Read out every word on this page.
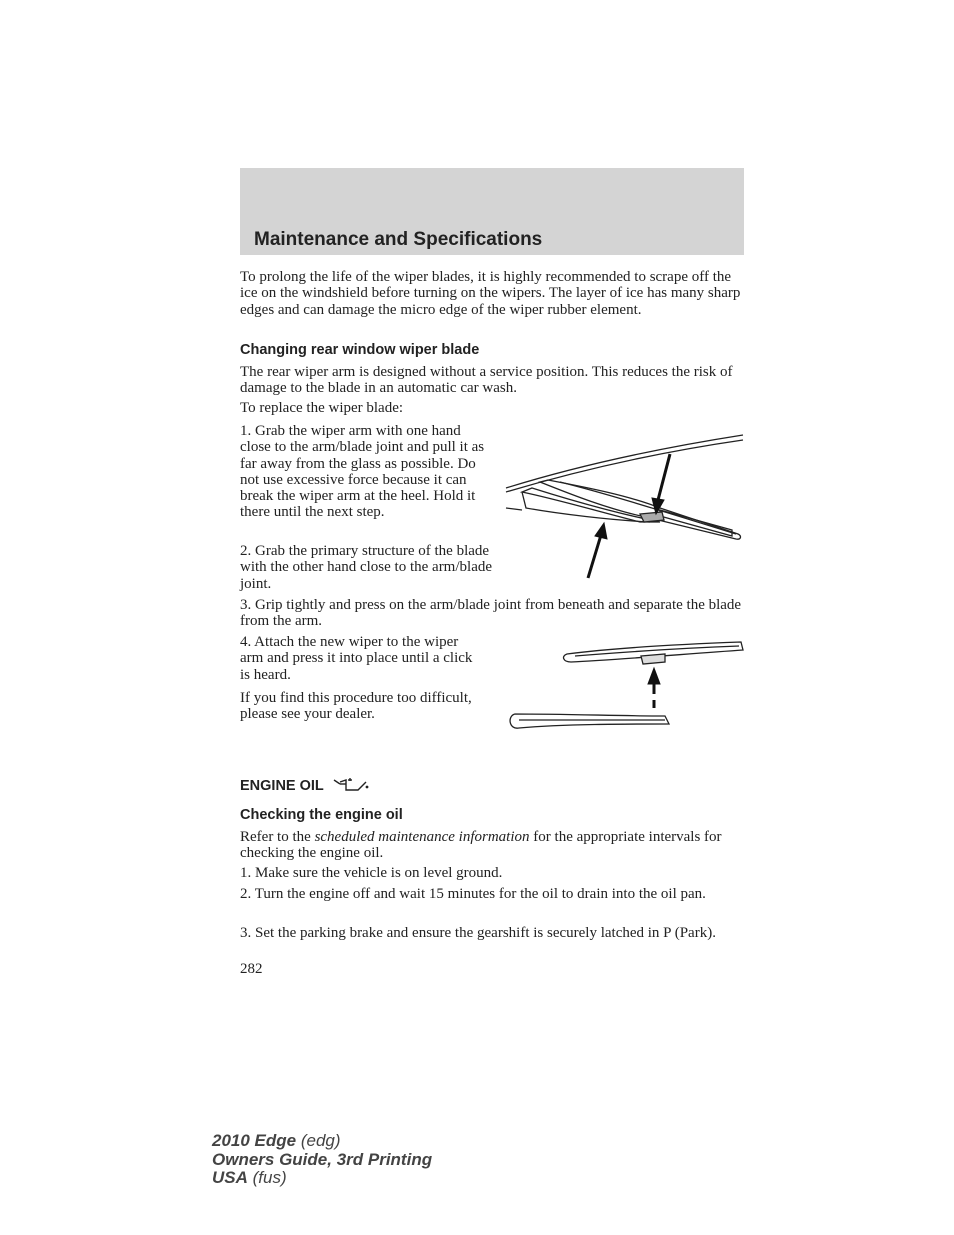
Maintenance and Specifications

To prolong the life of the wiper blades, it is highly recommended to scrape off the ice on the windshield before turning on the wipers. The layer of ice has many sharp edges and can damage the micro edge of the wiper rubber element.

Changing rear window wiper blade

The rear wiper arm is designed without a service position. This reduces the risk of damage to the blade in an automatic car wash.

To replace the wiper blade:

1. Grab the wiper arm with one hand close to the arm/blade joint and pull it as far away from the glass as possible. Do not use excessive force because it can break the wiper arm at the heel. Hold it there until the next step.

2. Grab the primary structure of the blade with the other hand close to the arm/blade joint.

3. Grip tightly and press on the arm/blade joint from beneath and separate the blade from the arm.

4. Attach the new wiper to the wiper arm and press it into place until a click is heard.

If you find this procedure too difficult, please see your dealer.

ENGINE OIL
Checking the engine oil

Refer to the scheduled maintenance information for the appropriate intervals for checking the engine oil.

1. Make sure the vehicle is on level ground.

2. Turn the engine off and wait 15 minutes for the oil to drain into the oil pan.

3. Set the parking brake and ensure the gearshift is securely latched in P (Park).

282

2010 Edge (edg)
Owners Guide, 3rd Printing
USA (fus)
